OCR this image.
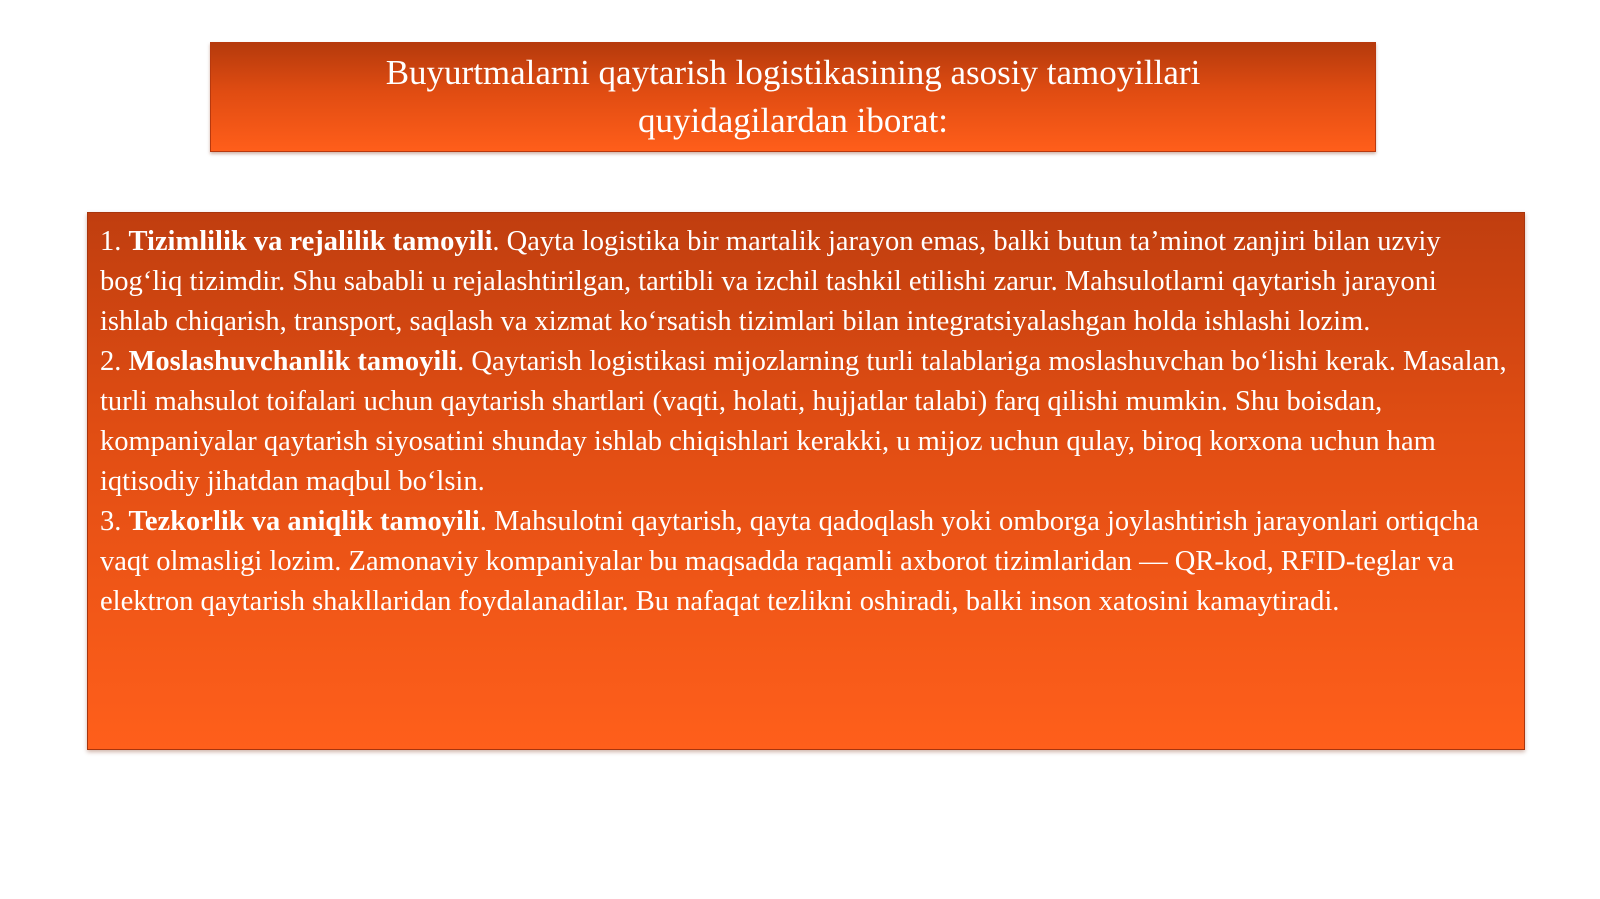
Buyurtmalarni qaytarish logistikasining asosiy tamoyillari quyidagilardan iborat:

1. Tizimlilik va rejalilik tamoyili. Qayta logistika bir martalik jarayon emas, balki butun ta’minot zanjiri bilan uzviy bog‘liq tizimdir. Shu sababli u rejalashtirilgan, tartibli va izchil tashkil etilishi zarur. Mahsulotlarni qaytarish jarayoni ishlab chiqarish, transport, saqlash va xizmat ko‘rsatish tizimlari bilan integratsiyalashgan holda ishlashi lozim.

2. Moslashuvchanlik tamoyili. Qaytarish logistikasi mijozlarning turli talablariga moslashuvchan bo‘lishi kerak. Masalan, turli mahsulot toifalari uchun qaytarish shartlari (vaqti, holati, hujjatlar talabi) farq qilishi mumkin. Shu boisdan, kompaniyalar qaytarish siyosatini shunday ishlab chiqishlari kerakki, u mijoz uchun qulay, biroq korxona uchun ham iqtisodiy jihatdan maqbul bo‘lsin.

3. Tezkorlik va aniqlik tamoyili. Mahsulotni qaytarish, qayta qadoqlash yoki omborga joylashtirish jarayonlari ortiqcha vaqt olmasligi lozim. Zamonaviy kompaniyalar bu maqsadda raqamli axborot tizimlaridan — QR-kod, RFID-teglar va elektron qaytarish shakllaridan foydalanadilar. Bu nafaqat tezlikni oshiradi, balki inson xatosini kamaytiradi.
